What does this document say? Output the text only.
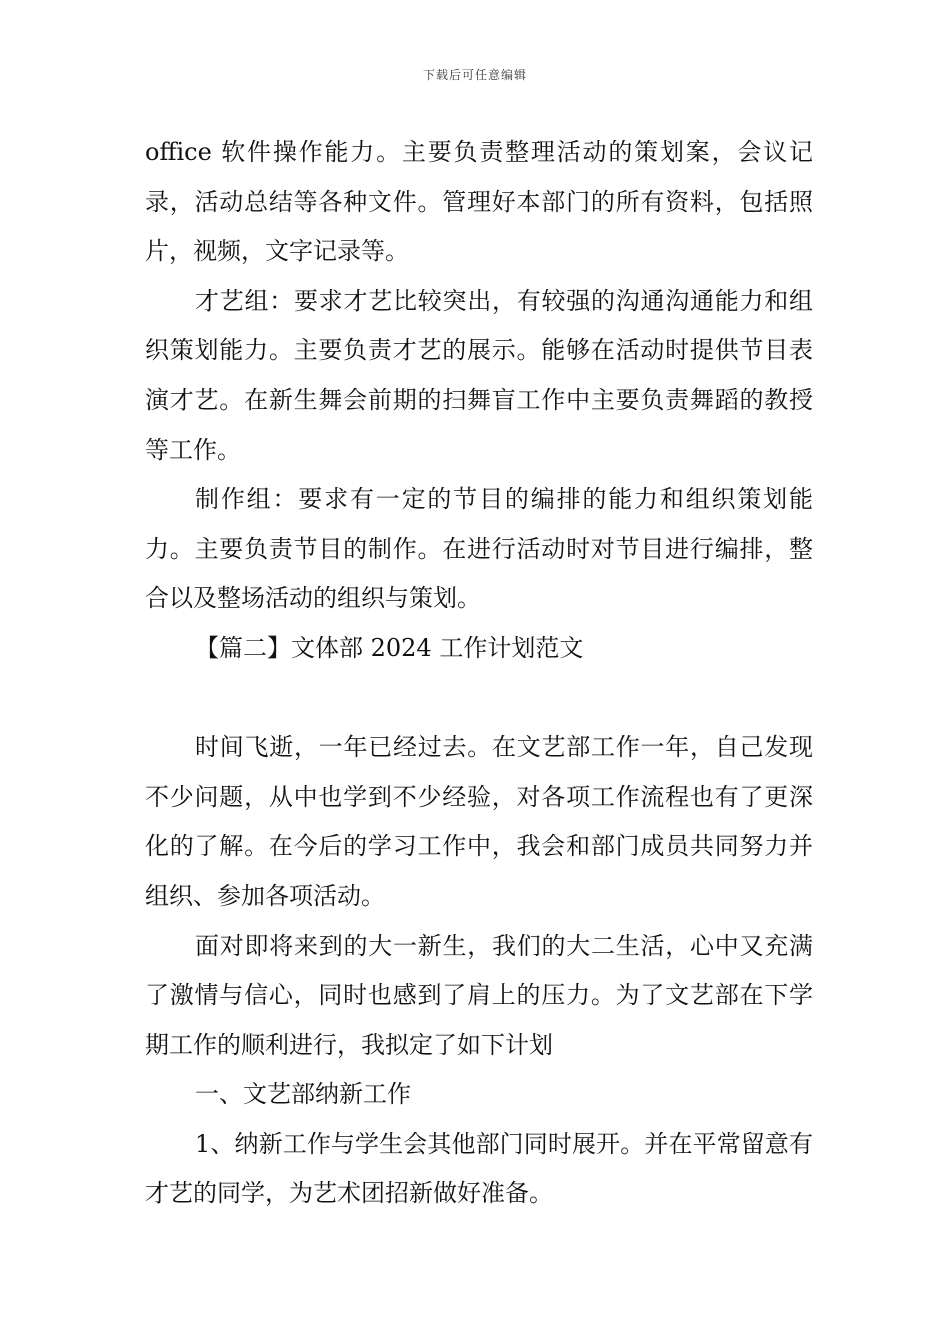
下载后可任意编辑

office 软件操作能力。主要负责整理活动的策划案，会议记录，活动总结等各种文件。管理好本部门的所有资料，包括照片，视频，文字记录等。

才艺组：要求才艺比较突出，有较强的沟通沟通能力和组织策划能力。主要负责才艺的展示。能够在活动时提供节目表演才艺。在新生舞会前期的扫舞盲工作中主要负责舞蹈的教授等工作。

制作组：要求有一定的节目的编排的能力和组织策划能力。主要负责节目的制作。在进行活动时对节目进行编排，整合以及整场活动的组织与策划。

【篇二】文体部 2024 工作计划范文

时间飞逝，一年已经过去。在文艺部工作一年，自己发现不少问题，从中也学到不少经验，对各项工作流程也有了更深化的了解。在今后的学习工作中，我会和部门成员共同努力并组织、参加各项活动。

面对即将来到的大一新生，我们的大二生活，心中又充满了激情与信心，同时也感到了肩上的压力。为了文艺部在下学期工作的顺利进行，我拟定了如下计划

一、文艺部纳新工作

1、纳新工作与学生会其他部门同时展开。并在平常留意有才艺的同学，为艺术团招新做好准备。
